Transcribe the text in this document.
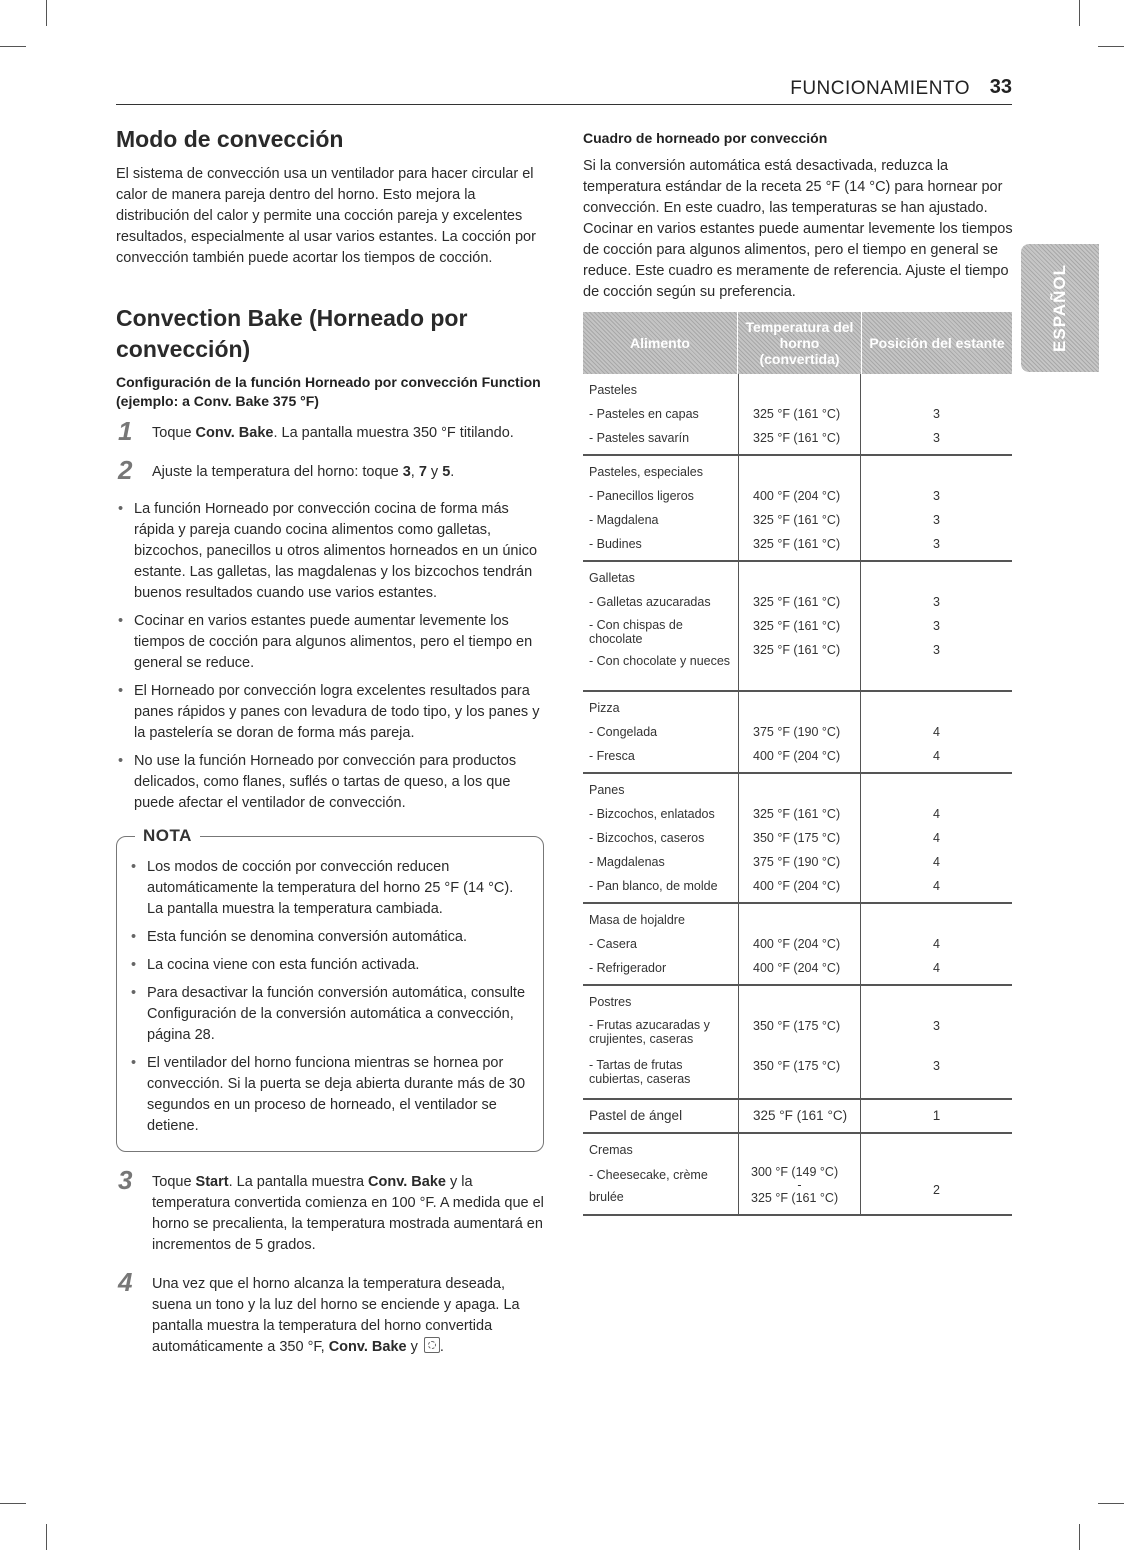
FUNCIONAMIENTO 33
ESPAÑOL
Modo de convección

El sistema de convección usa un ventilador para hacer circular el calor de manera pareja dentro del horno. Esto mejora la distribución del calor y permite una cocción pareja y excelentes resultados, especialmente al usar varios estantes. La cocción por convección también puede acortar los tiempos de cocción.

Convection Bake (Horneado por convección)
Configuración de la función Horneado por convección Function (ejemplo: a Conv. Bake 375 °F)
1 Toque Conv. Bake. La pantalla muestra 350 °F titilando.
2 Ajuste la temperatura del horno: toque 3, 7 y 5.
• La función Horneado por convección cocina de forma más rápida y pareja cuando cocina alimentos como galletas, bizcochos, panecillos u otros alimentos horneados en un único estante. Las galletas, las magdalenas y los bizcochos tendrán buenos resultados cuando use varios estantes.
• Cocinar en varios estantes puede aumentar levemente los tiempos de cocción para algunos alimentos, pero el tiempo en general se reduce.
• El Horneado por convección logra excelentes resultados para panes rápidos y panes con levadura de todo tipo, y los panes y la pastelería se doran de forma más pareja.
• No use la función Horneado por convección para productos delicados, como flanes, suflés o tartas de queso, a los que puede afectar el ventilador de convección.
NOTA
• Los modos de cocción por convección reducen automáticamente la temperatura del horno 25 °F (14 °C). La pantalla muestra la temperatura cambiada.
• Esta función se denomina conversión automática.
• La cocina viene con esta función activada.
• Para desactivar la función conversión automática, consulte Configuración de la conversión automática a convección, página 28.
• El ventilador del horno funciona mientras se hornea por convección. Si la puerta se deja abierta durante más de 30 segundos en un proceso de horneado, el ventilador se detiene.
3 Toque Start. La pantalla muestra Conv. Bake y la temperatura convertida comienza en 100 °F. A medida que el horno se precalienta, la temperatura mostrada aumentará en incrementos de 5 grados.
4 Una vez que el horno alcanza la temperatura deseada, suena un tono y la luz del horno se enciende y apaga. La pantalla muestra la temperatura del horno convertida automáticamente a 350 °F, Conv. Bake y .
Cuadro de horneado por convección

Si la conversión automática está desactivada, reduzca la temperatura estándar de la receta 25 °F (14 °C) para hornear por convección. En este cuadro, las temperaturas se han ajustado. Cocinar en varios estantes puede aumentar levemente los tiempos de cocción para algunos alimentos, pero el tiempo en general se reduce. Este cuadro es meramente de referencia. Ajuste el tiempo de cocción según su preferencia.

Alimento
Temperatura del horno (convertida)
Posición del estante
Pasteles
- Pasteles en capas
- Pasteles savarín
325 °F (161 °C)
325 °F (161 °C)
3
3
Pasteles, especiales
- Panecillos ligeros
- Magdalena
- Budines
400 °F (204 °C)
325 °F (161 °C)
325 °F (161 °C)
3
3
3
Galletas
- Galletas azucaradas
- Con chispas de chocolate
- Con chocolate y nueces
325 °F (161 °C)
325 °F (161 °C)
325 °F (161 °C)
3
3
3
Pizza
- Congelada
- Fresca
375 °F (190 °C)
400 °F (204 °C)
4
4
Panes
- Bizcochos, enlatados
- Bizcochos, caseros
- Magdalenas
- Pan blanco, de molde
325 °F (161 °C)
350 °F (175 °C)
375 °F (190 °C)
400 °F (204 °C)
4
4
4
4
Masa de hojaldre
- Casera
- Refrigerador
400 °F (204 °C)
400 °F (204 °C)
4
4
Postres
- Frutas azucaradas y crujientes, caseras
- Tartas de frutas cubiertas, caseras
350 °F (175 °C)
350 °F (175 °C)
3
3
Pastel de ángel	325 °F (161 °C)	1
Cremas
- Cheesecake, crème brulée
300 °F (149 °C)
-
325 °F (161 °C)
2
